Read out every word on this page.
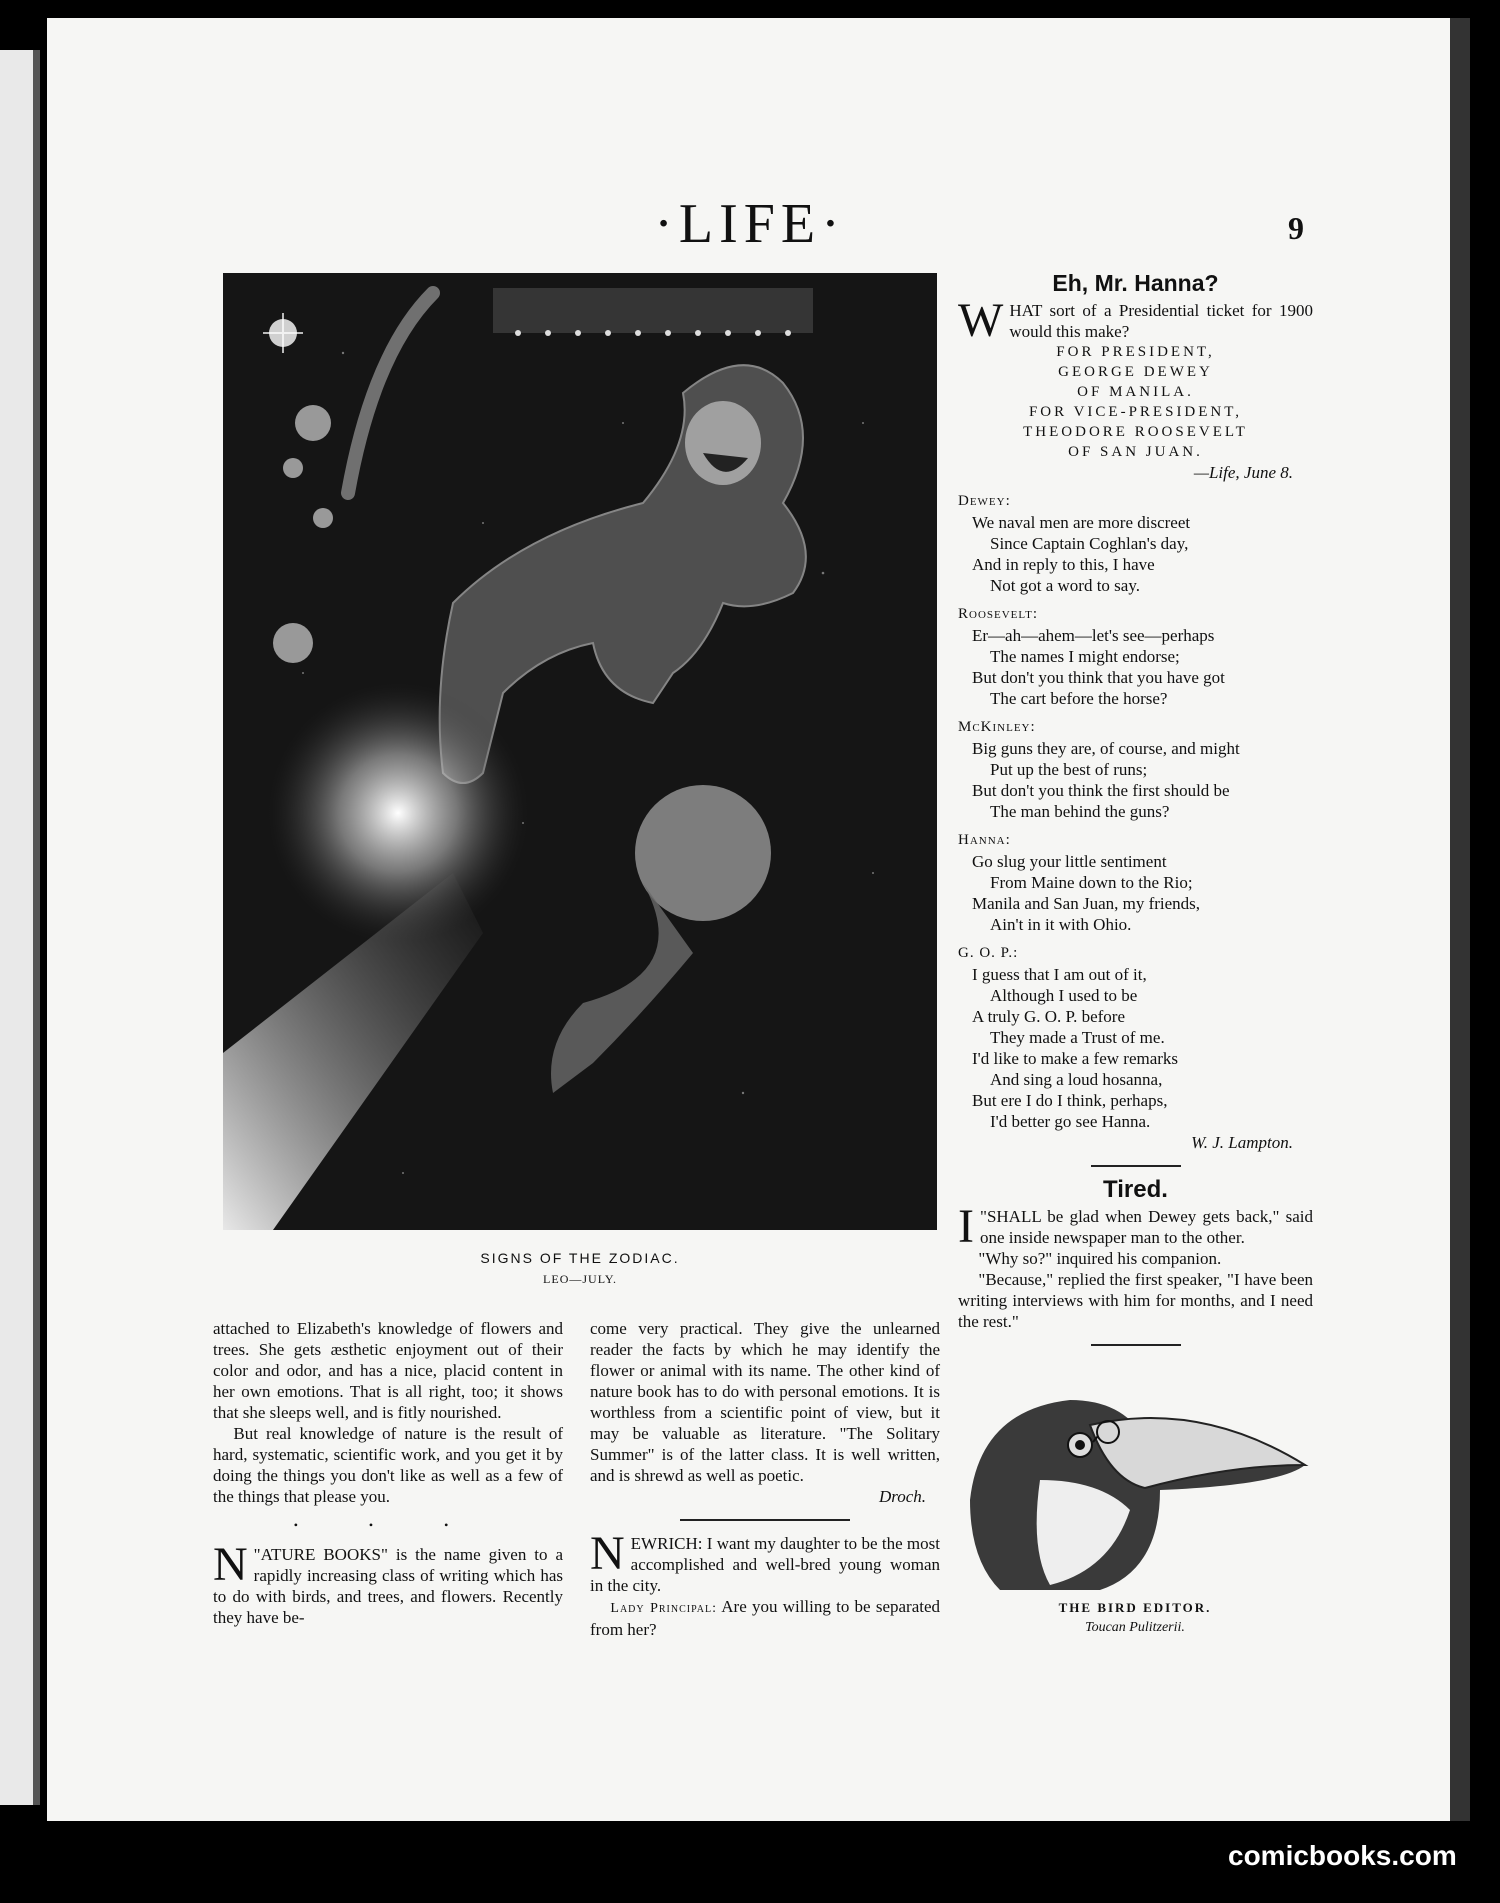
·LIFE·	9
SIGNS OF THE ZODIAC.
LEO—JULY.
Eh, Mr. Hanna?

WHAT sort of a Presidential ticket for 1900 would this make?

FOR PRESIDENT,
GEORGE DEWEY
OF MANILA.
FOR VICE-PRESIDENT,
THEODORE ROOSEVELT
OF SAN JUAN.
—Life, June 8.
Dewey:
We naval men are more discreet
Since Captain Coghlan's day,
And in reply to this, I have
Not got a word to say.
Roosevelt:
Er—ah—ahem—let's see—perhaps
The names I might endorse;
But don't you think that you have got
The cart before the horse?
McKinley:
Big guns they are, of course, and might
Put up the best of runs;
But don't you think the first should be
The man behind the guns?
Hanna:
Go slug your little sentiment
From Maine down to the Rio;
Manila and San Juan, my friends,
Ain't in it with Ohio.
G. O. P.:
I guess that I am out of it,
Although I used to be
A truly G. O. P. before
They made a Trust of me.
I'd like to make a few remarks
And sing a loud hosanna,
But ere I do I think, perhaps,
I'd better go see Hanna.
W. J. Lampton.
Tired.

"
I SHALL be glad when Dewey gets back," said one inside newspaper man to the other.

"Why so?" inquired his companion.

"Because," replied the first speaker, "I have been writing interviews with him for months, and I need the rest."

THE BIRD EDITOR.
Toucan Pulitzerii.

attached to Elizabeth's knowledge of flowers and trees. She gets æsthetic enjoyment out of their color and odor, and has a nice, placid content in her own emotions. That is all right, too; it shows that she sleeps well, and is fitly nourished.

But real knowledge of nature is the result of hard, systematic, scientific work, and you get it by doing the things you don't like as well as a few of the things that please you.

• • •

"
N ATURE BOOKS" is the name given to a rapidly increasing class of writing which has to do with birds, and trees, and flowers. Recently they have be-

come very practical. They give the unlearned reader the facts by which he may identify the flower or animal with its name. The other kind of nature book has to do with personal emotions. It is worthless from a scientific point of view, but it may be valuable as literature. "The Solitary Summer" is of the latter class. It is well written, and is shrewd as well as poetic.

Droch.

NEWRICH: I want my daughter to be the most accomplished and well-bred young woman in the city.

Lady Principal: Are you willing to be separated from her?

comicbooks.com
